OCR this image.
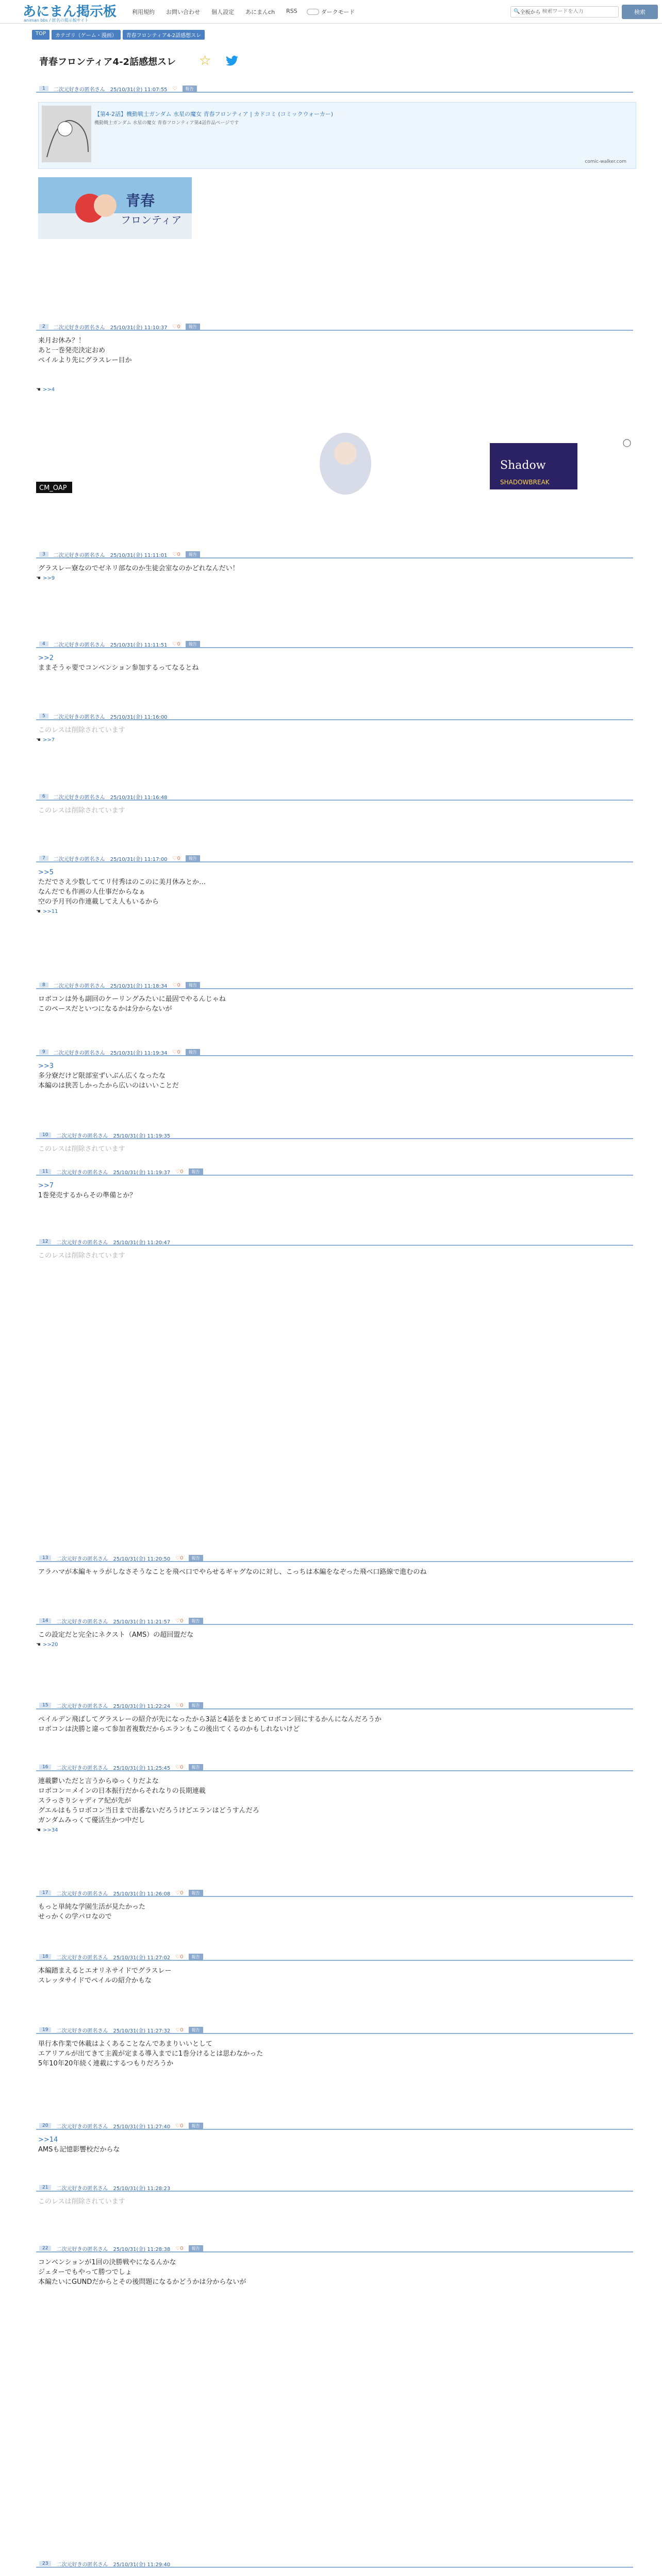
あにまん掲示板
animan bbs / 匿名の掲示板サイト
利用規約 お問い合わせ 個人設定 あにまんch RSS	ダークモード	🔍 全板から
検索ワードを入力	検索
TOP	カテゴリ（ゲーム・漫画）	青春フロンティア4-2話感想スレ
青春フロンティア4-2話感想スレ ☆
1	二次元好きの匿名さん 25/10/31(金) 11:07:55 ♡	報告
【第4-2話】機動戦士ガンダム 水星の魔女 青春フロンティア | カドコミ (コミックウォーカー)
機動戦士ガンダム 水星の魔女 青春フロンティア第4話作品ページです
comic-walker.com
青春
フロンティア
2	二次元好きの匿名さん 25/10/31(金) 11:10:37 ♡0	報告
来月お休み？！
あと一巻発売決定おめ
ペイルより先にグラスレー目か
☚ >>4
Shadow
CM_OAP
SHADOWBREAK
3	二次元好きの匿名さん 25/10/31(金) 11:11:01 ♡0	報告
グラスレー寮なのでゼネリ部なのか生徒会室なのかどれなんだい！
☚ >>9
4	二次元好きの匿名さん 25/10/31(金) 11:11:51 ♡0	報告
>>2
ままそうゃ要でコンベンション参加するってなるとね
5	二次元好きの匿名さん 25/10/31(金) 11:16:00
このレスは削除されています
☚ >>7
6	二次元好きの匿名さん 25/10/31(金) 11:16:48
このレスは削除されています
7	二次元好きの匿名さん 25/10/31(金) 11:17:00 ♡0	報告
>>5
ただでさえ少数しててリ付秀はのこのに美月休みとか…
なんだでも作画の人仕事だからなぁ
空の予月刊の作連載してえ人もいるから
☚ >>11
8	二次元好きの匿名さん 25/10/31(金) 11:18:34 ♡0	報告
ロボコンは外も副回のケーリングみたいに最固でやるんじゃね
このペースだといつになるかは分からないが
9	二次元好きの匿名さん 25/10/31(金) 11:19:34 ♡0	報告
>>3
多分寮だけど限部室ずいぶん広くなったな
本編のは狭苦しかったから広いのはいいことだ
10	二次元好きの匿名さん 25/10/31(金) 11:19:35
このレスは削除されています
11	二次元好きの匿名さん 25/10/31(金) 11:19:37 ♡0	報告
>>7
1巻発売するからその準備とか？
12	二次元好きの匿名さん 25/10/31(金) 11:20:47
このレスは削除されています
13	二次元好きの匿名さん 25/10/31(金) 11:20:50 ♡0	報告
アラハマが本編キャラがしなさそうなことを飛ベ口でやらせるギャグなのに対し、こっちは本編をなぞった飛ベ口路線で進むのね
14	二次元好きの匿名さん 25/10/31(金) 11:21:57 ♡0	報告
この設定だと完全にネクスト（AMS）の超回盟だな
☚ >>20
15	二次元好きの匿名さん 25/10/31(金) 11:22:24 ♡0	報告
ペイルデン飛ばしてグラスレーの紹介が先になったから3話と4話をまとめてロボコン回にするかんになんだろうか
ロボコンは決勝と違って参加者複数だからエランもこの後出てくるのかもしれないけど
16	二次元好きの匿名さん 25/10/31(金) 11:25:45 ♡0	報告
連載鬱いただと言うからゆっくりだよな
ロボコン＝メインの日本振行だからそれなりの長期連載
スラっさりシャディア紀が先が
グエルはもうロボコン当日まで出番ないだろうけどエランはどうすんだろ
ガンダムみっくて優活生かつ中だし
☚ >>34
17	二次元好きの匿名さん 25/10/31(金) 11:26:08 ♡0	報告
もっと単純な学園生活が見たかった
せっかくの学パロなので
18	二次元好きの匿名さん 25/10/31(金) 11:27:02 ♡0	報告
本編踏まえるとエオリネサイドでグラスレー
スレッタサイドでペイルの紹介かもな
19	二次元好きの匿名さん 25/10/31(金) 11:27:32 ♡0	報告
単行本作業で休載はよくあることなんであまりいいとして
エアリアルが出てきて主義が定まる導入までに1巻分けるとは思わなかった
5年10年20年続く連載にするつもりだろうか
20	二次元好きの匿名さん 25/10/31(金) 11:27:40 ♡0	報告
>>14
AMSも記憶影響校だからな
21	二次元好きの匿名さん 25/10/31(金) 11:28:23
このレスは削除されています
22	二次元好きの匿名さん 25/10/31(金) 11:28:38 ♡0	報告
コンベンションが1回の決勝戦やになるんかな
ジェターでもやって勝つでしょ
本編たいにGUNDだからとその後問題になるかどうかは分からないが
23	二次元好きの匿名さん 25/10/31(金) 11:29:40
